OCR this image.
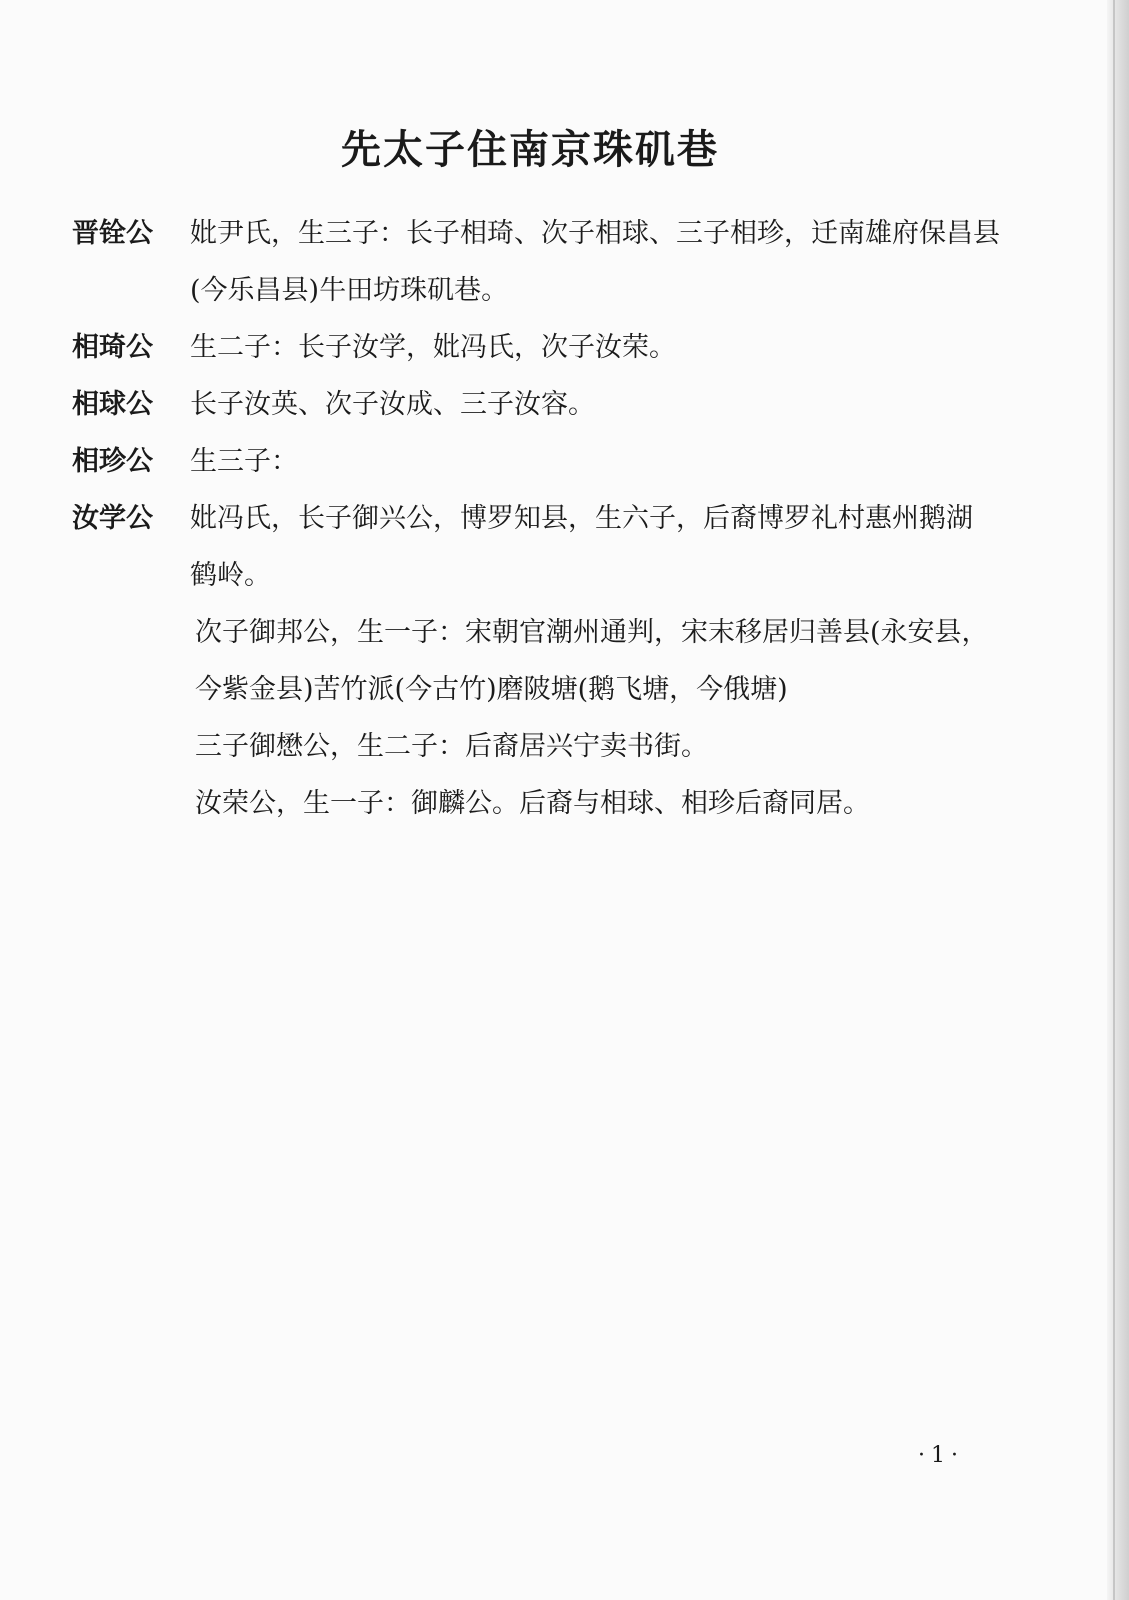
先太子住南京珠矶巷
晋铨公	妣尹氏，生三子：长子相琦、次子相球、三子相珍，迁南雄府保昌县
(今乐昌县)牛田坊珠矶巷。
相琦公	生二子：长子汝学，妣冯氏，次子汝荣。
相球公	长子汝英、次子汝成、三子汝容。
相珍公	生三子：
汝学公	妣冯氏，长子御兴公，博罗知县，生六子，后裔博罗礼村惠州鹅湖
鹤岭。
次子御邦公，生一子：宋朝官潮州通判，宋末移居归善县(永安县，
今紫金县)苦竹派(今古竹)磨陂塘(鹅飞塘，今俄塘)
三子御懋公，生二子：后裔居兴宁卖书街。
汝荣公，生一子：御麟公。后裔与相球、相珍后裔同居。
·1·
